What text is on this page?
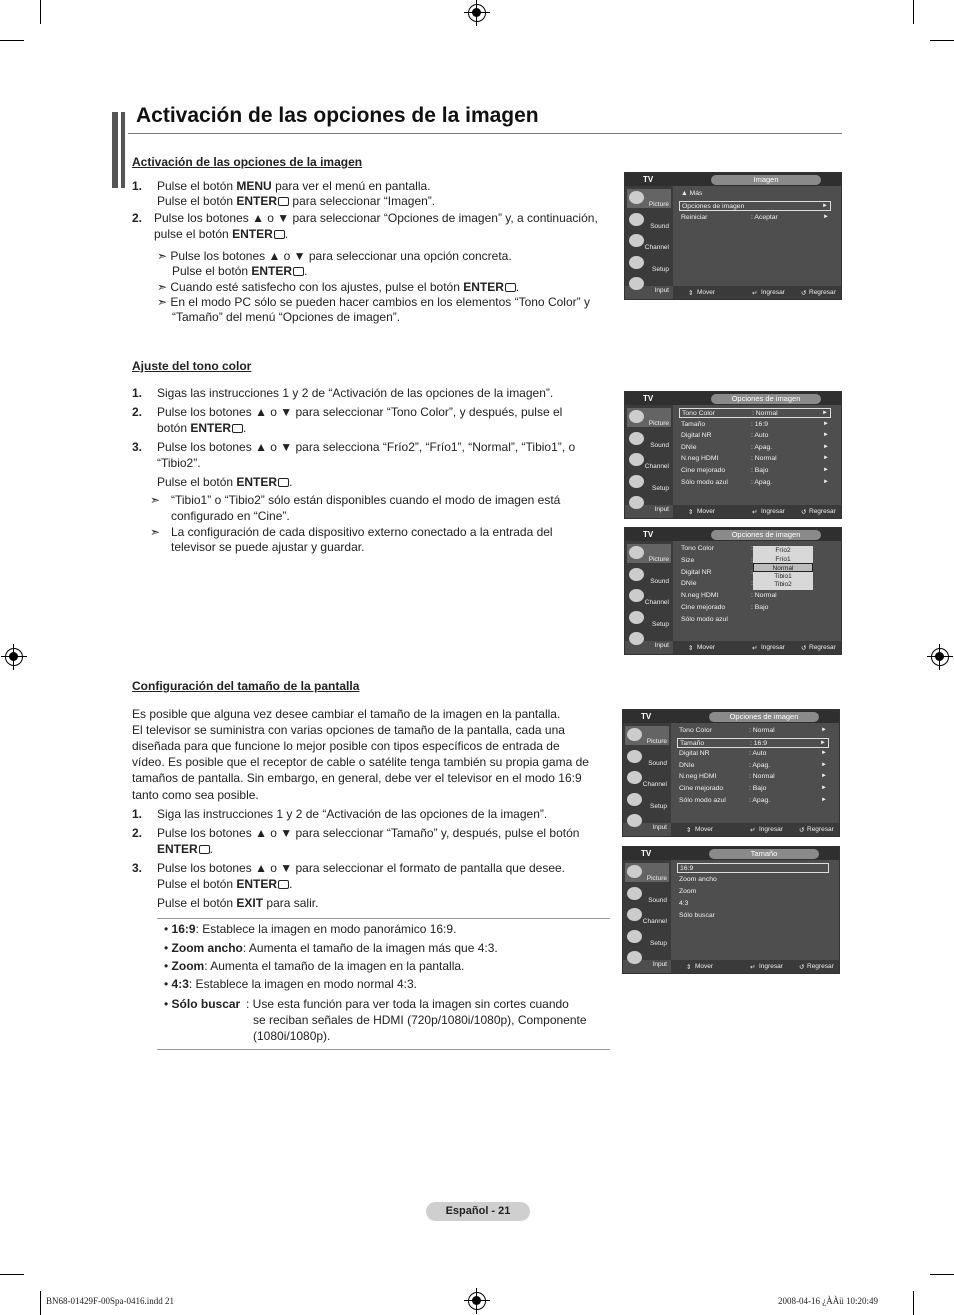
Activación de las opciones de la imagen
Activación de las opciones de la imagen
1. Pulse el botón MENU para ver el menú en pantalla.
Pulse el botón ENTER para seleccionar “Imagen”.
2. Pulse los botones ▲ o ▼ para seleccionar “Opciones de imagen” y, a continuación,
pulse el botón ENTER .
➣ Pulse los botones ▲ o ▼ para seleccionar una opción concreta.
Pulse el botón ENTER .
➣ Cuando esté satisfecho con los ajustes, pulse el botón ENTER .
➣ En el modo PC sólo se pueden hacer cambios en los elementos “Tono Color” y
“Tamaño” del menú “Opciones de imagen”.
Ajuste del tono color
1. Sigas las instrucciones 1 y 2 de “Activación de las opciones de la imagen”.
2. Pulse los botones ▲ o ▼ para seleccionar “Tono Color”, y después, pulse el
botón ENTER .
3. Pulse los botones ▲ o ▼ para selecciona “Frío2”, “Frío1”, “Normal”, “Tibio1”, o
“Tibio2”.
Pulse el botón ENTER .
➣ “Tibio1” o “Tibio2” sólo están disponibles cuando el modo de imagen está
configurado en “Cine”.
➣ La configuración de cada dispositivo externo conectado a la entrada del
televisor se puede ajustar y guardar.
Configuración del tamaño de la pantalla
Es posible que alguna vez desee cambiar el tamaño de la imagen en la pantalla.
El televisor se suministra con varias opciones de tamaño de la pantalla, cada una
diseñada para que funcione lo mejor posible con tipos específicos de entrada de
vídeo. Es posible que el receptor de cable o satélite tenga también su propia gama de
tamaños de pantalla. Sin embargo, en general, debe ver el televisor en el modo 16:9
tanto como sea posible.
1. Siga las instrucciones 1 y 2 de “Activación de las opciones de la imagen”.
2. Pulse los botones ▲ o ▼ para seleccionar “Tamaño” y, después, pulse el botón
ENTER .
3. Pulse los botones ▲ o ▼ para seleccionar el formato de pantalla que desee.
Pulse el botón ENTER .
Pulse el botón EXIT para salir.
• 16:9: Establece la imagen en modo panorámico 16:9.
• Zoom ancho: Aumenta el tamaño de la imagen más que 4:3.
• Zoom: Aumenta el tamaño de la imagen en la pantalla.
• 4:3: Establece la imagen en modo normal 4:3.
• Sólo buscar : Use esta función para ver toda la imagen sin cortes cuando
se reciban señales de HDMI (720p/1080i/1080p), Componente
(1080i/1080p).
TV	Imagen
Picture
Sound
Channel
Setup
Input
▲ Más
Opciones de imagen	►
Reiniciar	: Aceptar	►
Mover
⇕	Ingresar
↵	Regresar
↺
TV	Opciones de imagen
Picture
Sound
Channel
Setup
Input
Tono Color	: Normal	►
Tamaño	: 16:9	►
Digital NR	: Auto	►
DNIe	: Apag.	►
N.neg HDMI	: Normal	►
Cine mejorado	: Bajo	►
Sólo modo azul	: Apag.	►
Mover
⇕	Ingresar
↵	Regresar
↺
TV	Opciones de imagen
Picture
Sound
Channel
Setup
Input
Tono Color	:
Size	:
Digital NR	:
DNIe	:
N.neg HDMI	: Normal
Cine mejorado	: Bajo
Sólo modo azul
Frío2
Frío1
Normal
Tibio1
Tibio2
Mover
⇕	Ingresar
↵	Regresar
↺
TV	Opciones de imagen
Picture
Sound
Channel
Setup
Input
Tono Color	: Normal	►
Tamaño	: 16:9	►
Digital NR	: Auto	►
DNIe	: Apag.	►
N.neg HDMI	: Normal	►
Cine mejorado	: Bajo	►
Sólo modo azul	: Apag.	►
Mover
⇕	Ingresar
↵	Regresar
↺
TV	Tamaño
Picture
Sound
Channel
Setup
Input
16:9
Zoom ancho
Zoom
4:3
Sólo buscar
Mover
⇕	Ingresar
↵	Regresar
↺
Español - 21
BN68-01429F-00Spa-0416.indd 21	2008-04-16 ¿ÀÀü 10:20:49
